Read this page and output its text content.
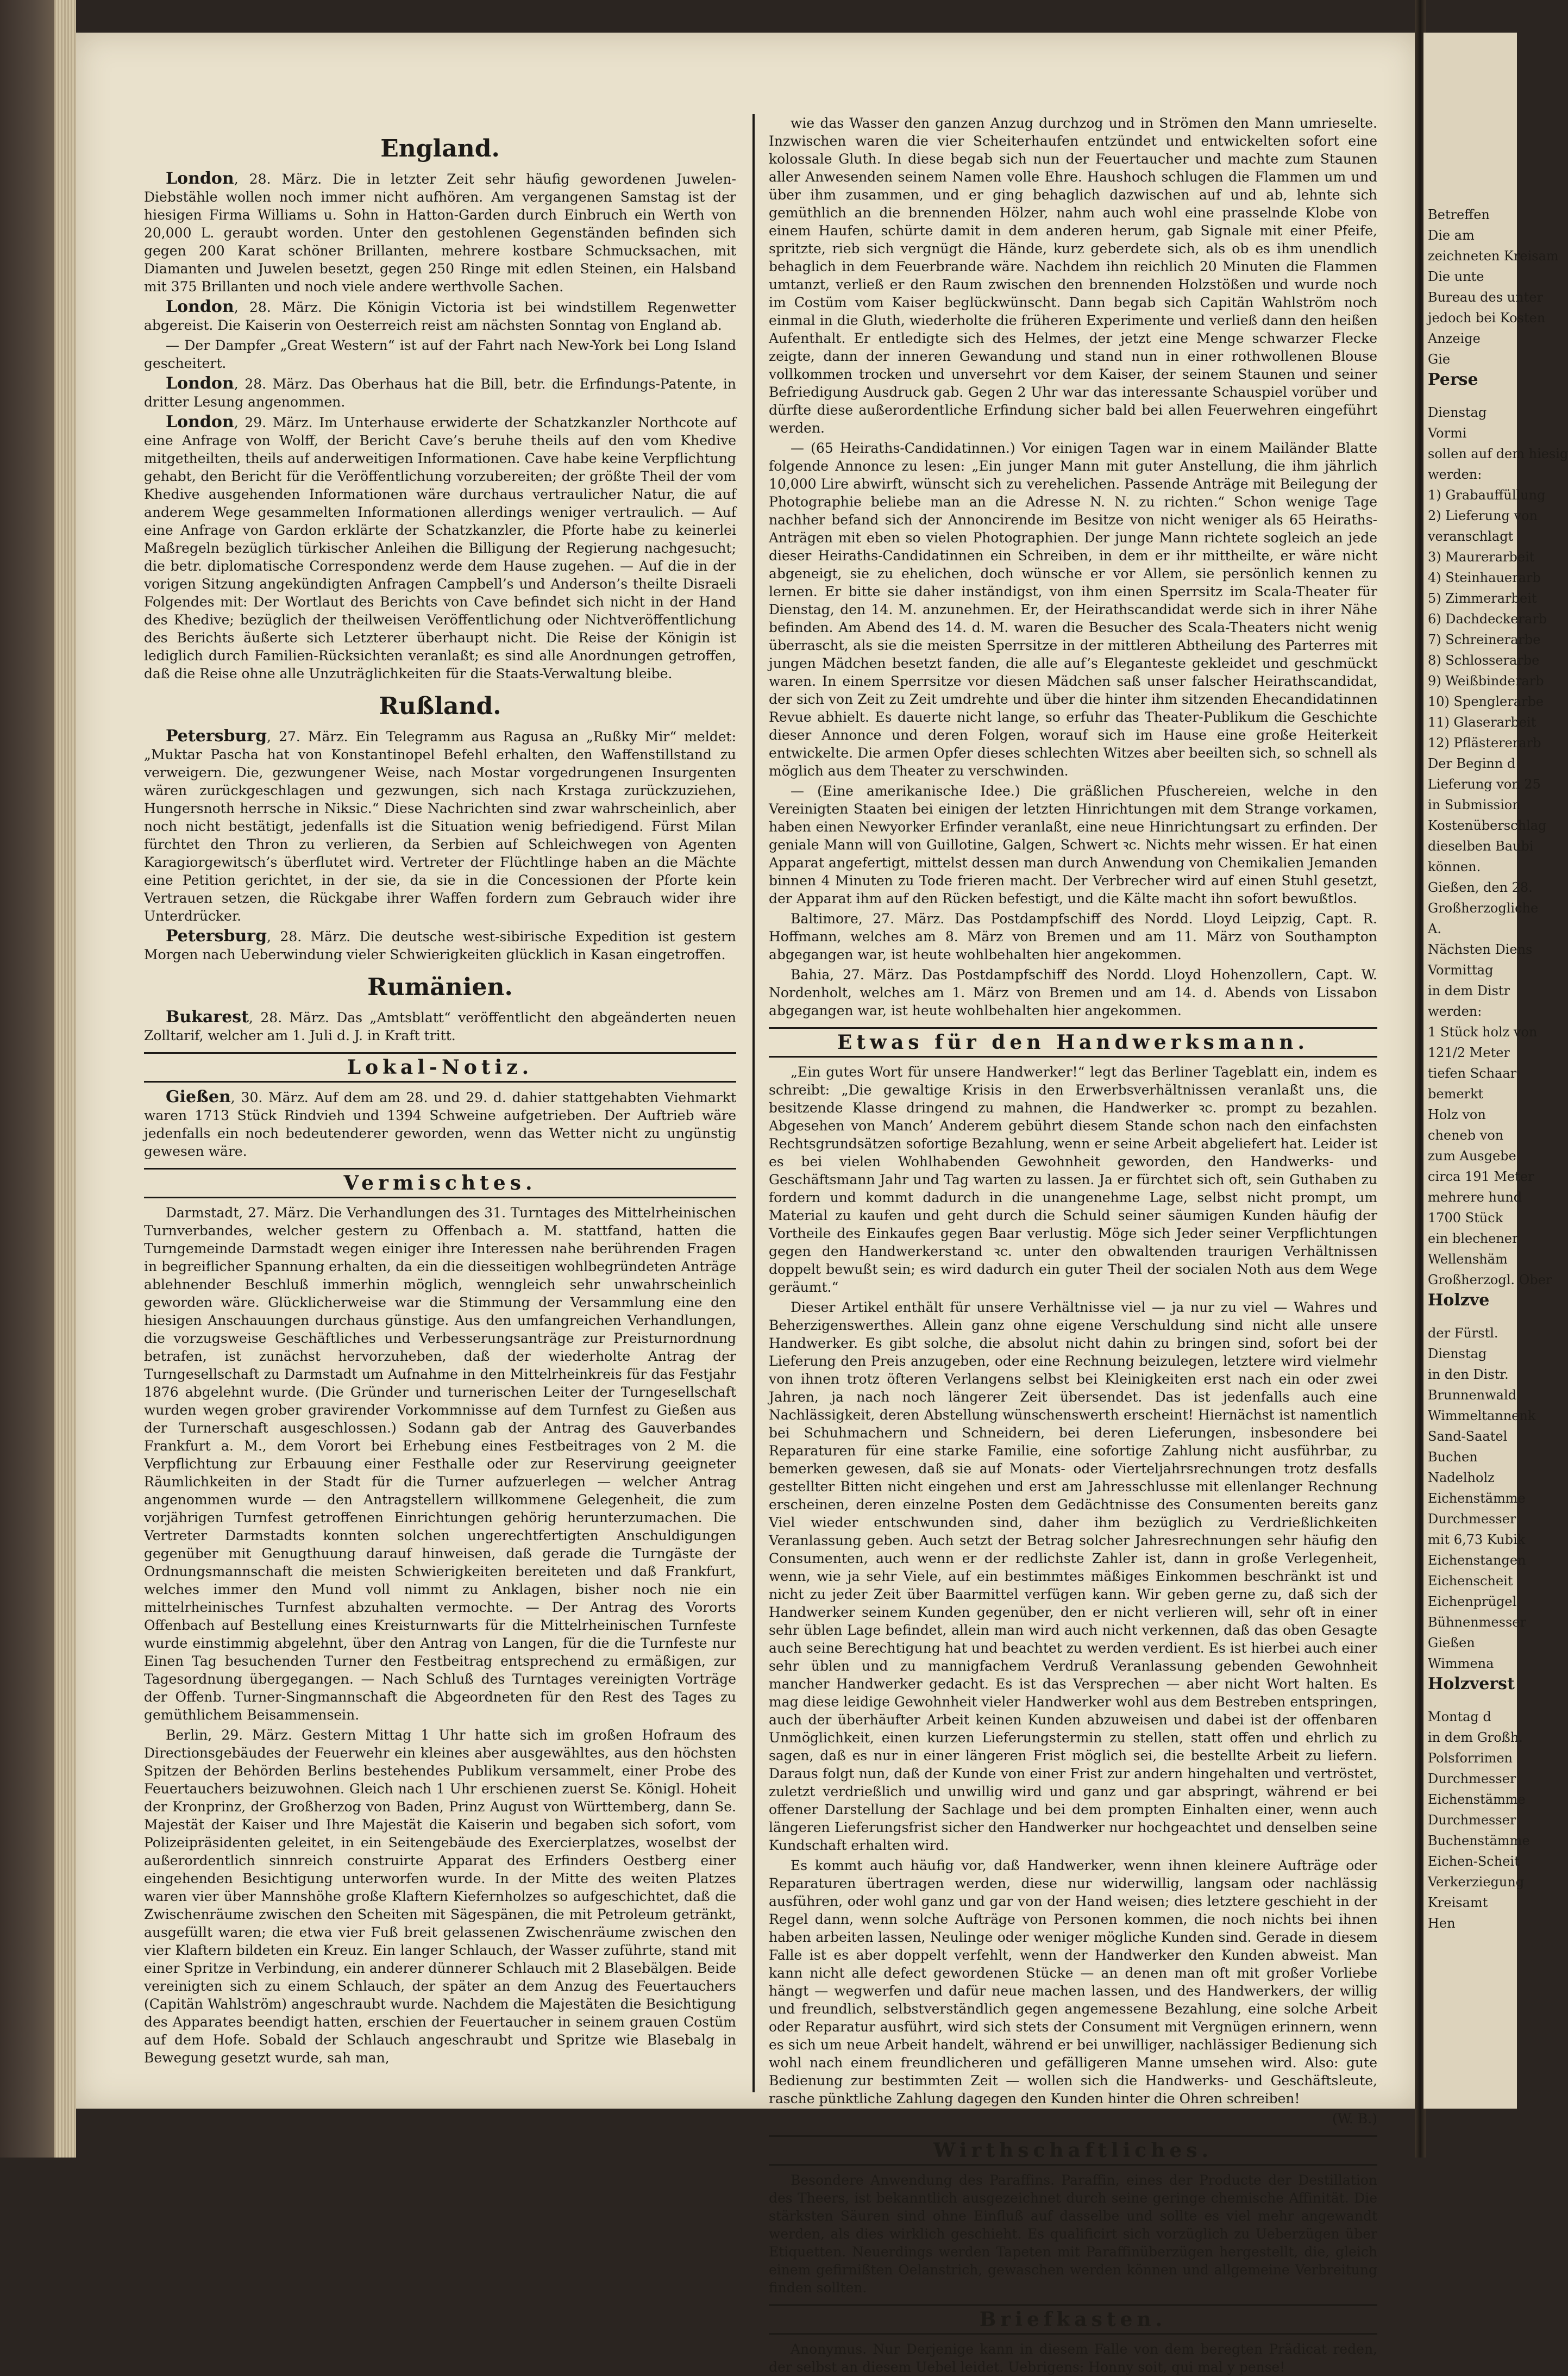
England.

London, 28. März. Die in letzter Zeit sehr häufig gewordenen Juwelen-Diebstähle wollen noch immer nicht aufhören. Am vergangenen Samstag ist der hiesigen Firma Williams u. Sohn in Hatton-Garden durch Einbruch ein Werth von 20,000 L. geraubt worden. Unter den gestohlenen Gegenständen befinden sich gegen 200 Karat schöner Brillanten, mehrere kostbare Schmucksachen, mit Diamanten und Juwelen besetzt, gegen 250 Ringe mit edlen Steinen, ein Halsband mit 375 Brillanten und noch viele andere werthvolle Sachen.

London, 28. März. Die Königin Victoria ist bei windstillem Regenwetter abgereist. Die Kaiserin von Oesterreich reist am nächsten Sonntag von England ab.

— Der Dampfer „Great Western“ ist auf der Fahrt nach New-York bei Long Island gescheitert.

London, 28. März. Das Oberhaus hat die Bill, betr. die Erfindungs-Patente, in dritter Lesung angenommen.

London, 29. März. Im Unterhause erwiderte der Schatzkanzler Northcote auf eine Anfrage von Wolff, der Bericht Cave’s beruhe theils auf den vom Khedive mitgetheilten, theils auf anderweitigen Informationen. Cave habe keine Verpflichtung gehabt, den Bericht für die Veröffentlichung vorzubereiten; der größte Theil der vom Khedive ausgehenden Informationen wäre durchaus vertraulicher Natur, die auf anderem Wege gesammelten Informationen allerdings weniger vertraulich. — Auf eine Anfrage von Gardon erklärte der Schatzkanzler, die Pforte habe zu keinerlei Maßregeln bezüglich türkischer Anleihen die Billigung der Regierung nachgesucht; die betr. diplomatische Correspondenz werde dem Hause zugehen. — Auf die in der vorigen Sitzung angekündigten Anfragen Campbell’s und Anderson’s theilte Disraeli Folgendes mit: Der Wortlaut des Berichts von Cave befindet sich nicht in der Hand des Khedive; bezüglich der theilweisen Veröffentlichung oder Nichtveröffentlichung des Berichts äußerte sich Letzterer überhaupt nicht. Die Reise der Königin ist lediglich durch Familien-Rücksichten veranlaßt; es sind alle Anordnungen getroffen, daß die Reise ohne alle Unzuträglichkeiten für die Staats-Verwaltung bleibe.

Rußland.

Petersburg, 27. März. Ein Telegramm aus Ragusa an „Rußky Mir“ meldet: „Muktar Pascha hat von Konstantinopel Befehl erhalten, den Waffenstillstand zu verweigern. Die, gezwungener Weise, nach Mostar vorgedrungenen Insurgenten wären zurückgeschlagen und gezwungen, sich nach Krstaga zurückzuziehen, Hungersnoth herrsche in Niksic.“ Diese Nachrichten sind zwar wahrscheinlich, aber noch nicht bestätigt, jedenfalls ist die Situation wenig befriedigend. Fürst Milan fürchtet den Thron zu verlieren, da Serbien auf Schleichwegen von Agenten Karagiorgewitsch’s überflutet wird. Vertreter der Flüchtlinge haben an die Mächte eine Petition gerichtet, in der sie, da sie in die Concessionen der Pforte kein Vertrauen setzen, die Rückgabe ihrer Waffen fordern zum Gebrauch wider ihre Unterdrücker.

Petersburg, 28. März. Die deutsche west-sibirische Expedition ist gestern Morgen nach Ueberwindung vieler Schwierigkeiten glücklich in Kasan eingetroffen.

Rumänien.

Bukarest, 28. März. Das „Amtsblatt“ veröffentlicht den abgeänderten neuen Zolltarif, welcher am 1. Juli d. J. in Kraft tritt.

Lokal-Notiz.

Gießen, 30. März. Auf dem am 28. und 29. d. dahier stattgehabten Viehmarkt waren 1713 Stück Rindvieh und 1394 Schweine aufgetrieben. Der Auftrieb wäre jedenfalls ein noch bedeutenderer geworden, wenn das Wetter nicht zu ungünstig gewesen wäre.

Vermischtes.

Darmstadt, 27. März. Die Verhandlungen des 31. Turntages des Mittelrheinischen Turnverbandes, welcher gestern zu Offenbach a. M. stattfand, hatten die Turngemeinde Darmstadt wegen einiger ihre Interessen nahe berührenden Fragen in begreiflicher Spannung erhalten, da ein die diesseitigen wohlbegründeten Anträge ablehnender Beschluß immerhin möglich, wenngleich sehr unwahrscheinlich geworden wäre. Glücklicherweise war die Stimmung der Versammlung eine den hiesigen Anschauungen durchaus günstige. Aus den umfangreichen Verhandlungen, die vorzugsweise Geschäftliches und Verbesserungsanträge zur Preisturnordnung betrafen, ist zunächst hervorzuheben, daß der wiederholte Antrag der Turngesellschaft zu Darmstadt um Aufnahme in den Mittelrheinkreis für das Festjahr 1876 abgelehnt wurde. (Die Gründer und turnerischen Leiter der Turngesellschaft wurden wegen grober gravirender Vorkommnisse auf dem Turnfest zu Gießen aus der Turnerschaft ausgeschlossen.) Sodann gab der Antrag des Gauverbandes Frankfurt a. M., dem Vorort bei Erhebung eines Festbeitrages von 2 M. die Verpflichtung zur Erbauung einer Festhalle oder zur Reservirung geeigneter Räumlichkeiten in der Stadt für die Turner aufzuerlegen — welcher Antrag angenommen wurde — den Antragstellern willkommene Gelegenheit, die zum vorjährigen Turnfest getroffenen Einrichtungen gehörig herunterzumachen. Die Vertreter Darmstadts konnten solchen ungerechtfertigten Anschuldigungen gegenüber mit Genugthuung darauf hinweisen, daß gerade die Turngäste der Ordnungsmannschaft die meisten Schwierigkeiten bereiteten und daß Frankfurt, welches immer den Mund voll nimmt zu Anklagen, bisher noch nie ein mittelrheinisches Turnfest abzuhalten vermochte. — Der Antrag des Vororts Offenbach auf Bestellung eines Kreisturnwarts für die Mittelrheinischen Turnfeste wurde einstimmig abgelehnt, über den Antrag von Langen, für die die Turnfeste nur Einen Tag besuchenden Turner den Festbeitrag entsprechend zu ermäßigen, zur Tagesordnung übergegangen. — Nach Schluß des Turntages vereinigten Vorträge der Offenb. Turner-Singmannschaft die Abgeordneten für den Rest des Tages zu gemüthlichem Beisammensein.

Berlin, 29. März. Gestern Mittag 1 Uhr hatte sich im großen Hofraum des Directionsgebäudes der Feuerwehr ein kleines aber ausgewähltes, aus den höchsten Spitzen der Behörden Berlins bestehendes Publikum versammelt, einer Probe des Feuertauchers beizuwohnen. Gleich nach 1 Uhr erschienen zuerst Se. Königl. Hoheit der Kronprinz, der Großherzog von Baden, Prinz August von Württemberg, dann Se. Majestät der Kaiser und Ihre Majestät die Kaiserin und begaben sich sofort, vom Polizeipräsidenten geleitet, in ein Seitengebäude des Exercierplatzes, woselbst der außerordentlich sinnreich construirte Apparat des Erfinders Oestberg einer eingehenden Besichtigung unterworfen wurde. In der Mitte des weiten Platzes waren vier über Mannshöhe große Klaftern Kiefernholzes so aufgeschichtet, daß die Zwischenräume zwischen den Scheiten mit Sägespänen, die mit Petroleum getränkt, ausgefüllt waren; die etwa vier Fuß breit gelassenen Zwischenräume zwischen den vier Klaftern bildeten ein Kreuz. Ein langer Schlauch, der Wasser zuführte, stand mit einer Spritze in Verbindung, ein anderer dünnerer Schlauch mit 2 Blasebälgen. Beide vereinigten sich zu einem Schlauch, der später an dem Anzug des Feuertauchers (Capitän Wahlström) angeschraubt wurde. Nachdem die Majestäten die Besichtigung des Apparates beendigt hatten, erschien der Feuertaucher in seinem grauen Costüm auf dem Hofe. Sobald der Schlauch angeschraubt und Spritze wie Blasebalg in Bewegung gesetzt wurde, sah man,

wie das Wasser den ganzen Anzug durchzog und in Strömen den Mann umrieselte. Inzwischen waren die vier Scheiterhaufen entzündet und entwickelten sofort eine kolossale Gluth. In diese begab sich nun der Feuertaucher und machte zum Staunen aller Anwesenden seinem Namen volle Ehre. Haushoch schlugen die Flammen um und über ihm zusammen, und er ging behaglich dazwischen auf und ab, lehnte sich gemüthlich an die brennenden Hölzer, nahm auch wohl eine prasselnde Klobe von einem Haufen, schürte damit in dem anderen herum, gab Signale mit einer Pfeife, spritzte, rieb sich vergnügt die Hände, kurz geberdete sich, als ob es ihm unendlich behaglich in dem Feuerbrande wäre. Nachdem ihn reichlich 20 Minuten die Flammen umtanzt, verließ er den Raum zwischen den brennenden Holzstößen und wurde noch im Costüm vom Kaiser beglückwünscht. Dann begab sich Capitän Wahlström noch einmal in die Gluth, wiederholte die früheren Experimente und verließ dann den heißen Aufenthalt. Er entledigte sich des Helmes, der jetzt eine Menge schwarzer Flecke zeigte, dann der inneren Gewandung und stand nun in einer rothwollenen Blouse vollkommen trocken und unversehrt vor dem Kaiser, der seinem Staunen und seiner Befriedigung Ausdruck gab. Gegen 2 Uhr war das interessante Schauspiel vorüber und dürfte diese außerordentliche Erfindung sicher bald bei allen Feuerwehren eingeführt werden.

— (65 Heiraths-Candidatinnen.) Vor einigen Tagen war in einem Mailänder Blatte folgende Annonce zu lesen: „Ein junger Mann mit guter Anstellung, die ihm jährlich 10,000 Lire abwirft, wünscht sich zu verehelichen. Passende Anträge mit Beilegung der Photographie beliebe man an die Adresse N. N. zu richten.“ Schon wenige Tage nachher befand sich der Annoncirende im Besitze von nicht weniger als 65 Heiraths-Anträgen mit eben so vielen Photographien. Der junge Mann richtete sogleich an jede dieser Heiraths-Candidatinnen ein Schreiben, in dem er ihr mittheilte, er wäre nicht abgeneigt, sie zu ehelichen, doch wünsche er vor Allem, sie persönlich kennen zu lernen. Er bitte sie daher inständigst, von ihm einen Sperrsitz im Scala-Theater für Dienstag, den 14. M. anzunehmen. Er, der Heirathscandidat werde sich in ihrer Nähe befinden. Am Abend des 14. d. M. waren die Besucher des Scala-Theaters nicht wenig überrascht, als sie die meisten Sperrsitze in der mittleren Abtheilung des Parterres mit jungen Mädchen besetzt fanden, die alle auf’s Eleganteste gekleidet und geschmückt waren. In einem Sperrsitze vor diesen Mädchen saß unser falscher Heirathscandidat, der sich von Zeit zu Zeit umdrehte und über die hinter ihm sitzenden Ehecandidatinnen Revue abhielt. Es dauerte nicht lange, so erfuhr das Theater-Publikum die Geschichte dieser Annonce und deren Folgen, worauf sich im Hause eine große Heiterkeit entwickelte. Die armen Opfer dieses schlechten Witzes aber beeilten sich, so schnell als möglich aus dem Theater zu verschwinden.

— (Eine amerikanische Idee.) Die gräßlichen Pfuschereien, welche in den Vereinigten Staaten bei einigen der letzten Hinrichtungen mit dem Strange vorkamen, haben einen Newyorker Erfinder veranlaßt, eine neue Hinrichtungsart zu erfinden. Der geniale Mann will von Guillotine, Galgen, Schwert ꝛc. Nichts mehr wissen. Er hat einen Apparat angefertigt, mittelst dessen man durch Anwendung von Chemikalien Jemanden binnen 4 Minuten zu Tode frieren macht. Der Verbrecher wird auf einen Stuhl gesetzt, der Apparat ihm auf den Rücken befestigt, und die Kälte macht ihn sofort bewußtlos.

Baltimore, 27. März. Das Postdampfschiff des Nordd. Lloyd Leipzig, Capt. R. Hoffmann, welches am 8. März von Bremen und am 11. März von Southampton abgegangen war, ist heute wohlbehalten hier angekommen.

Bahia, 27. März. Das Postdampfschiff des Nordd. Lloyd Hohenzollern, Capt. W. Nordenholt, welches am 1. März von Bremen und am 14. d. Abends von Lissabon abgegangen war, ist heute wohlbehalten hier angekommen.

Etwas für den Handwerksmann.

„Ein gutes Wort für unsere Handwerker!“ legt das Berliner Tageblatt ein, indem es schreibt: „Die gewaltige Krisis in den Erwerbsverhältnissen veranlaßt uns, die besitzende Klasse dringend zu mahnen, die Handwerker ꝛc. prompt zu bezahlen. Abgesehen von Manch’ Anderem gebührt diesem Stande schon nach den einfachsten Rechtsgrundsätzen sofortige Bezahlung, wenn er seine Arbeit abgeliefert hat. Leider ist es bei vielen Wohlhabenden Gewohnheit geworden, den Handwerks- und Geschäftsmann Jahr und Tag warten zu lassen. Ja er fürchtet sich oft, sein Guthaben zu fordern und kommt dadurch in die unangenehme Lage, selbst nicht prompt, um Material zu kaufen und geht durch die Schuld seiner säumigen Kunden häufig der Vortheile des Einkaufes gegen Baar verlustig. Möge sich Jeder seiner Verpflichtungen gegen den Handwerkerstand ꝛc. unter den obwaltenden traurigen Verhältnissen doppelt bewußt sein; es wird dadurch ein guter Theil der socialen Noth aus dem Wege geräumt.“

Dieser Artikel enthält für unsere Verhältnisse viel — ja nur zu viel — Wahres und Beherzigenswerthes. Allein ganz ohne eigene Verschuldung sind nicht alle unsere Handwerker. Es gibt solche, die absolut nicht dahin zu bringen sind, sofort bei der Lieferung den Preis anzugeben, oder eine Rechnung beizulegen, letztere wird vielmehr von ihnen trotz öfteren Verlangens selbst bei Kleinigkeiten erst nach ein oder zwei Jahren, ja nach noch längerer Zeit übersendet. Das ist jedenfalls auch eine Nachlässigkeit, deren Abstellung wünschenswerth erscheint! Hiernächst ist namentlich bei Schuhmachern und Schneidern, bei deren Lieferungen, insbesondere bei Reparaturen für eine starke Familie, eine sofortige Zahlung nicht ausführbar, zu bemerken gewesen, daß sie auf Monats- oder Vierteljahrsrechnungen trotz desfalls gestellter Bitten nicht eingehen und erst am Jahresschlusse mit ellenlanger Rechnung erscheinen, deren einzelne Posten dem Gedächtnisse des Consumenten bereits ganz Viel wieder entschwunden sind, daher ihm bezüglich zu Verdrießlichkeiten Veranlassung geben. Auch setzt der Betrag solcher Jahresrechnungen sehr häufig den Consumenten, auch wenn er der redlichste Zahler ist, dann in große Verlegenheit, wenn, wie ja sehr Viele, auf ein bestimmtes mäßiges Einkommen beschränkt ist und nicht zu jeder Zeit über Baarmittel verfügen kann. Wir geben gerne zu, daß sich der Handwerker seinem Kunden gegenüber, den er nicht verlieren will, sehr oft in einer sehr üblen Lage befindet, allein man wird auch nicht verkennen, daß das oben Gesagte auch seine Berechtigung hat und beachtet zu werden verdient. Es ist hierbei auch einer sehr üblen und zu mannigfachem Verdruß Veranlassung gebenden Gewohnheit mancher Handwerker gedacht. Es ist das Versprechen — aber nicht Wort halten. Es mag diese leidige Gewohnheit vieler Handwerker wohl aus dem Bestreben entspringen, auch der überhäufter Arbeit keinen Kunden abzuweisen und dabei ist der offenbaren Unmöglichkeit, einen kurzen Lieferungstermin zu stellen, statt offen und ehrlich zu sagen, daß es nur in einer längeren Frist möglich sei, die bestellte Arbeit zu liefern. Daraus folgt nun, daß der Kunde von einer Frist zur andern hingehalten und vertröstet, zuletzt verdrießlich und unwillig wird und ganz und gar abspringt, während er bei offener Darstellung der Sachlage und bei dem prompten Einhalten einer, wenn auch längeren Lieferungsfrist sicher den Handwerker nur hochgeachtet und denselben seine Kundschaft erhalten wird.

Es kommt auch häufig vor, daß Handwerker, wenn ihnen kleinere Aufträge oder Reparaturen übertragen werden, diese nur widerwillig, langsam oder nachlässig ausführen, oder wohl ganz und gar von der Hand weisen; dies letztere geschieht in der Regel dann, wenn solche Aufträge von Personen kommen, die noch nichts bei ihnen haben arbeiten lassen, Neulinge oder weniger mögliche Kunden sind. Gerade in diesem Falle ist es aber doppelt verfehlt, wenn der Handwerker den Kunden abweist. Man kann nicht alle defect gewordenen Stücke — an denen man oft mit großer Vorliebe hängt — wegwerfen und dafür neue machen lassen, und des Handwerkers, der willig und freundlich, selbstverständlich gegen angemessene Bezahlung, eine solche Arbeit oder Reparatur ausführt, wird sich stets der Consument mit Vergnügen erinnern, wenn es sich um neue Arbeit handelt, während er bei unwilliger, nachlässiger Bedienung sich wohl nach einem freundlicheren und gefälligeren Manne umsehen wird. Also: gute Bedienung zur bestimmten Zeit — wollen sich die Handwerks- und Geschäftsleute, rasche pünktliche Zahlung dagegen den Kunden hinter die Ohren schreiben!

(W. B.)

Wirthschaftliches.

Besondere Anwendung des Paraffins. Paraffin, eines der Producte der Destillation des Theers, ist bekanntlich ausgezeichnet durch seine geringe chemische Affinität. Die stärksten Säuren sind ohne Einfluß auf dasselbe und sollte es viel mehr angewandt werden, als dies wirklich geschieht. Es qualificirt sich vorzüglich zu Ueberzügen über Etiquetten. Neuerdings werden Tapeten mit Paraffinüberzügen hergestellt, die, gleich einem gefirnißten Oelanstrich, gewaschen werden können und allgemeine Verbreitung finden sollten.

Briefkasten.

Anonymus. Nur Derjenige kann in diesem Falle von dem beregten Prädicat reden, der selbst an diesem Uebel leidet. Uebrigens: Honny soit, qui mal y pense!

Betreffen
Die am
zeichneten Kreisam
Die unte
Bureau des unter
jedoch bei Kosten
Anzeige
Gie
Perse
Dienstag
Vormi
sollen auf dem hiesig
werden:
1) Grabauffüllung
2) Lieferung von
veranschlagt
3) Maurerarbeit
4) Steinhauerarb
5) Zimmerarbeit
6) Dachdeckerarb
7) Schreinerarbe
8) Schlosserarbe
9) Weißbinderarb
10) Spenglerarbe
11) Glaserarbeit
12) Pflästererarb
Der Beginn d
Lieferung von 25
in Submission
Kostenüberschlag
dieselben Baubi
können.
Gießen, den 28.
Großherzogliche
A.
Nächsten Diens
Vormittag
in dem Distr
werden:
1 Stück holz von
121/2 Meter
tiefen Schaar
bemerkt
Holz von
cheneb von
zum Ausgebe
circa 191 Meter
mehrere hund
1700 Stück
ein blechener
Wellenshäm
Großherzogl. Ober
Holzve
der Fürstl.
Dienstag
in den Distr.
Brunnenwald
Wimmeltannenk
Sand-Saatel
Buchen
Nadelholz
Eichenstämme
Durchmesser
mit 6,73 Kubik
Eichenstangen
Eichenscheit
Eichenprügel
Bühnenmesser
Gießen
Wimmena
Holzverst
Montag d
in dem Großh.
Polsforrimen
Durchmesser
Eichenstämme
Durchmesser
Buchenstämme
Eichen-Scheit
Verkerziegung
Kreisamt
Hen
